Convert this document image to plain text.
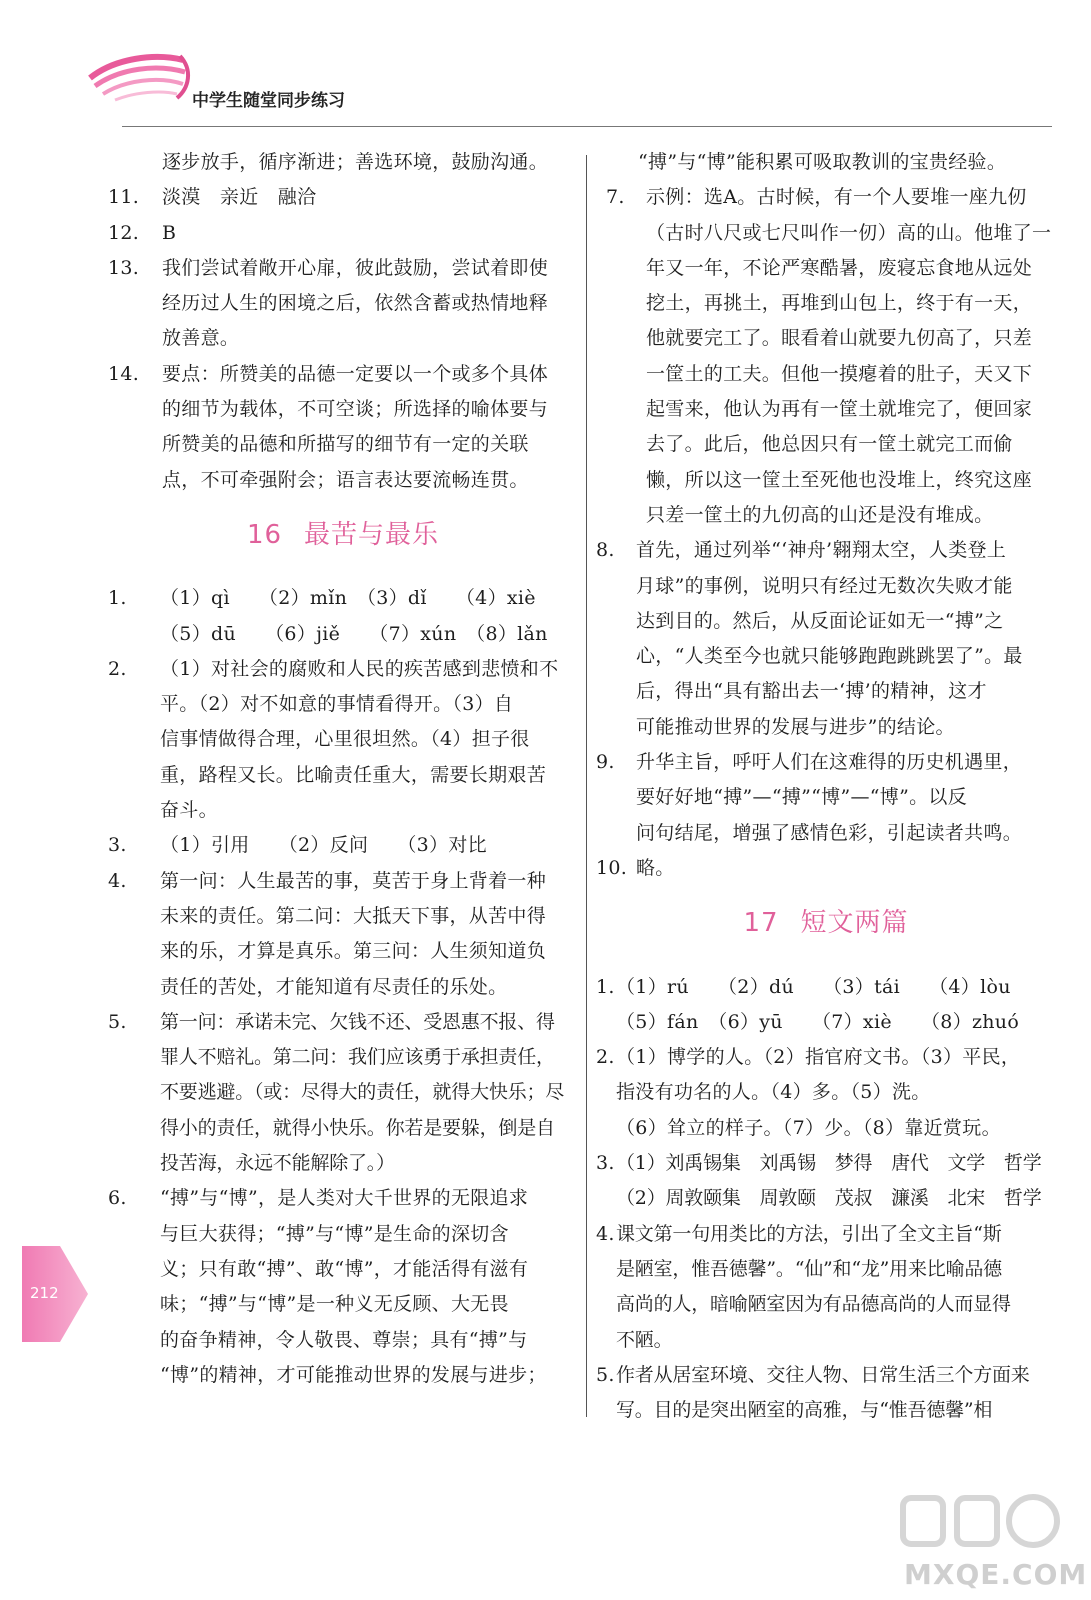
中学生随堂同步练习
逐步放手，循序渐进；善选环境，鼓励沟通。
11.	淡漠　亲近　融洽
12.	B
13.	我们尝试着敞开心扉，彼此鼓励，尝试着即使
经历过人生的困境之后，依然含蓄或热情地释
放善意。
14.	要点：所赞美的品德一定要以一个或多个具体
的细节为载体，不可空谈；所选择的喻体要与
所赞美的品德和所描写的细节有一定的关联
点，不可牵强附会；语言表达要流畅连贯。
16 最苦与最乐
1.	（1）qì　　（2）mǐn　（3）dǐ　　（4）xiè
（5）dū　　（6）jiě　　（7）xún　（8）lǎn
2.	（1）对社会的腐败和人民的疾苦感到悲愤和不
平。（2）对不如意的事情看得开。（3）自
信事情做得合理，心里很坦然。（4）担子很
重，路程又长。比喻责任重大，需要长期艰苦
奋斗。
3.	（1）引用　　（2）反问　　（3）对比
4.	第一问：人生最苦的事，莫苦于身上背着一种
未来的责任。第二问：大抵天下事，从苦中得
来的乐，才算是真乐。第三问：人生须知道负
责任的苦处，才能知道有尽责任的乐处。
5.	第一问：承诺未完、欠钱不还、受恩惠不报、得
罪人不赔礼。第二问：我们应该勇于承担责任，
不要逃避。（或：尽得大的责任，就得大快乐；尽
得小的责任，就得小快乐。你若是要躲，倒是自
投苦海，永远不能解除了。）
6.	“搏”与“博”，是人类对大千世界的无限追求
与巨大获得；“搏”与“博”是生命的深切含
义；只有敢“搏”、敢“博”，才能活得有滋有
味；“搏”与“博”是一种义无反顾、大无畏
的奋争精神，令人敬畏、尊崇；具有“搏”与
“博”的精神，才可能推动世界的发展与进步；
“搏”与“博”能积累可吸取教训的宝贵经验。
7.	示例：选A。古时候，有一个人要堆一座九仞
（古时八尺或七尺叫作一仞）高的山。他堆了一
年又一年，不论严寒酷暑，废寝忘食地从远处
挖土，再挑土，再堆到山包上，终于有一天，
他就要完工了。眼看着山就要九仞高了，只差
一筐土的工夫。但他一摸瘪着的肚子，天又下
起雪来，他认为再有一筐土就堆完了，便回家
去了。此后，他总因只有一筐土就完工而偷
懒，所以这一筐土至死他也没堆上，终究这座
只差一筐土的九仞高的山还是没有堆成。
8.	首先，通过列举“‘神舟’翱翔太空，人类登上
月球”的事例，说明只有经过无数次失败才能
达到目的。然后，从反面论证如无一“搏”之
心，“人类至今也就只能够跑跑跳跳罢了”。最
后，得出“具有豁出去一‘搏’的精神，这才
可能推动世界的发展与进步”的结论。
9.	升华主旨，呼吁人们在这难得的历史机遇里，
要好好地“搏”—“搏”“博”—“博”。以反
问句结尾，增强了感情色彩，引起读者共鸣。
10. 略。
17 短文两篇
1. （1）rú　　（2）dú　　（3）tái　　（4）lòu
（5）fán　（6）yū　　（7）xiè　　（8）zhuó
2. （1）博学的人。（2）指官府文书。（3）平民，
指没有功名的人。（4）多。（5）洗。
（6）耸立的样子。（7）少。（8）靠近赏玩。
3. （1）刘禹锡集　刘禹锡　梦得　唐代　文学　哲学
（2）周敦颐集　周敦颐　茂叔　濂溪　北宋　哲学
4. 课文第一句用类比的方法，引出了全文主旨“斯
是陋室，惟吾德馨”。“仙”和“龙”用来比喻品德
高尚的人，暗喻陋室因为有品德高尚的人而显得
不陋。
5. 作者从居室环境、交往人物、日常生活三个方面来
写。目的是突出陋室的高雅，与“惟吾德馨”相
212
MXQE.COM
